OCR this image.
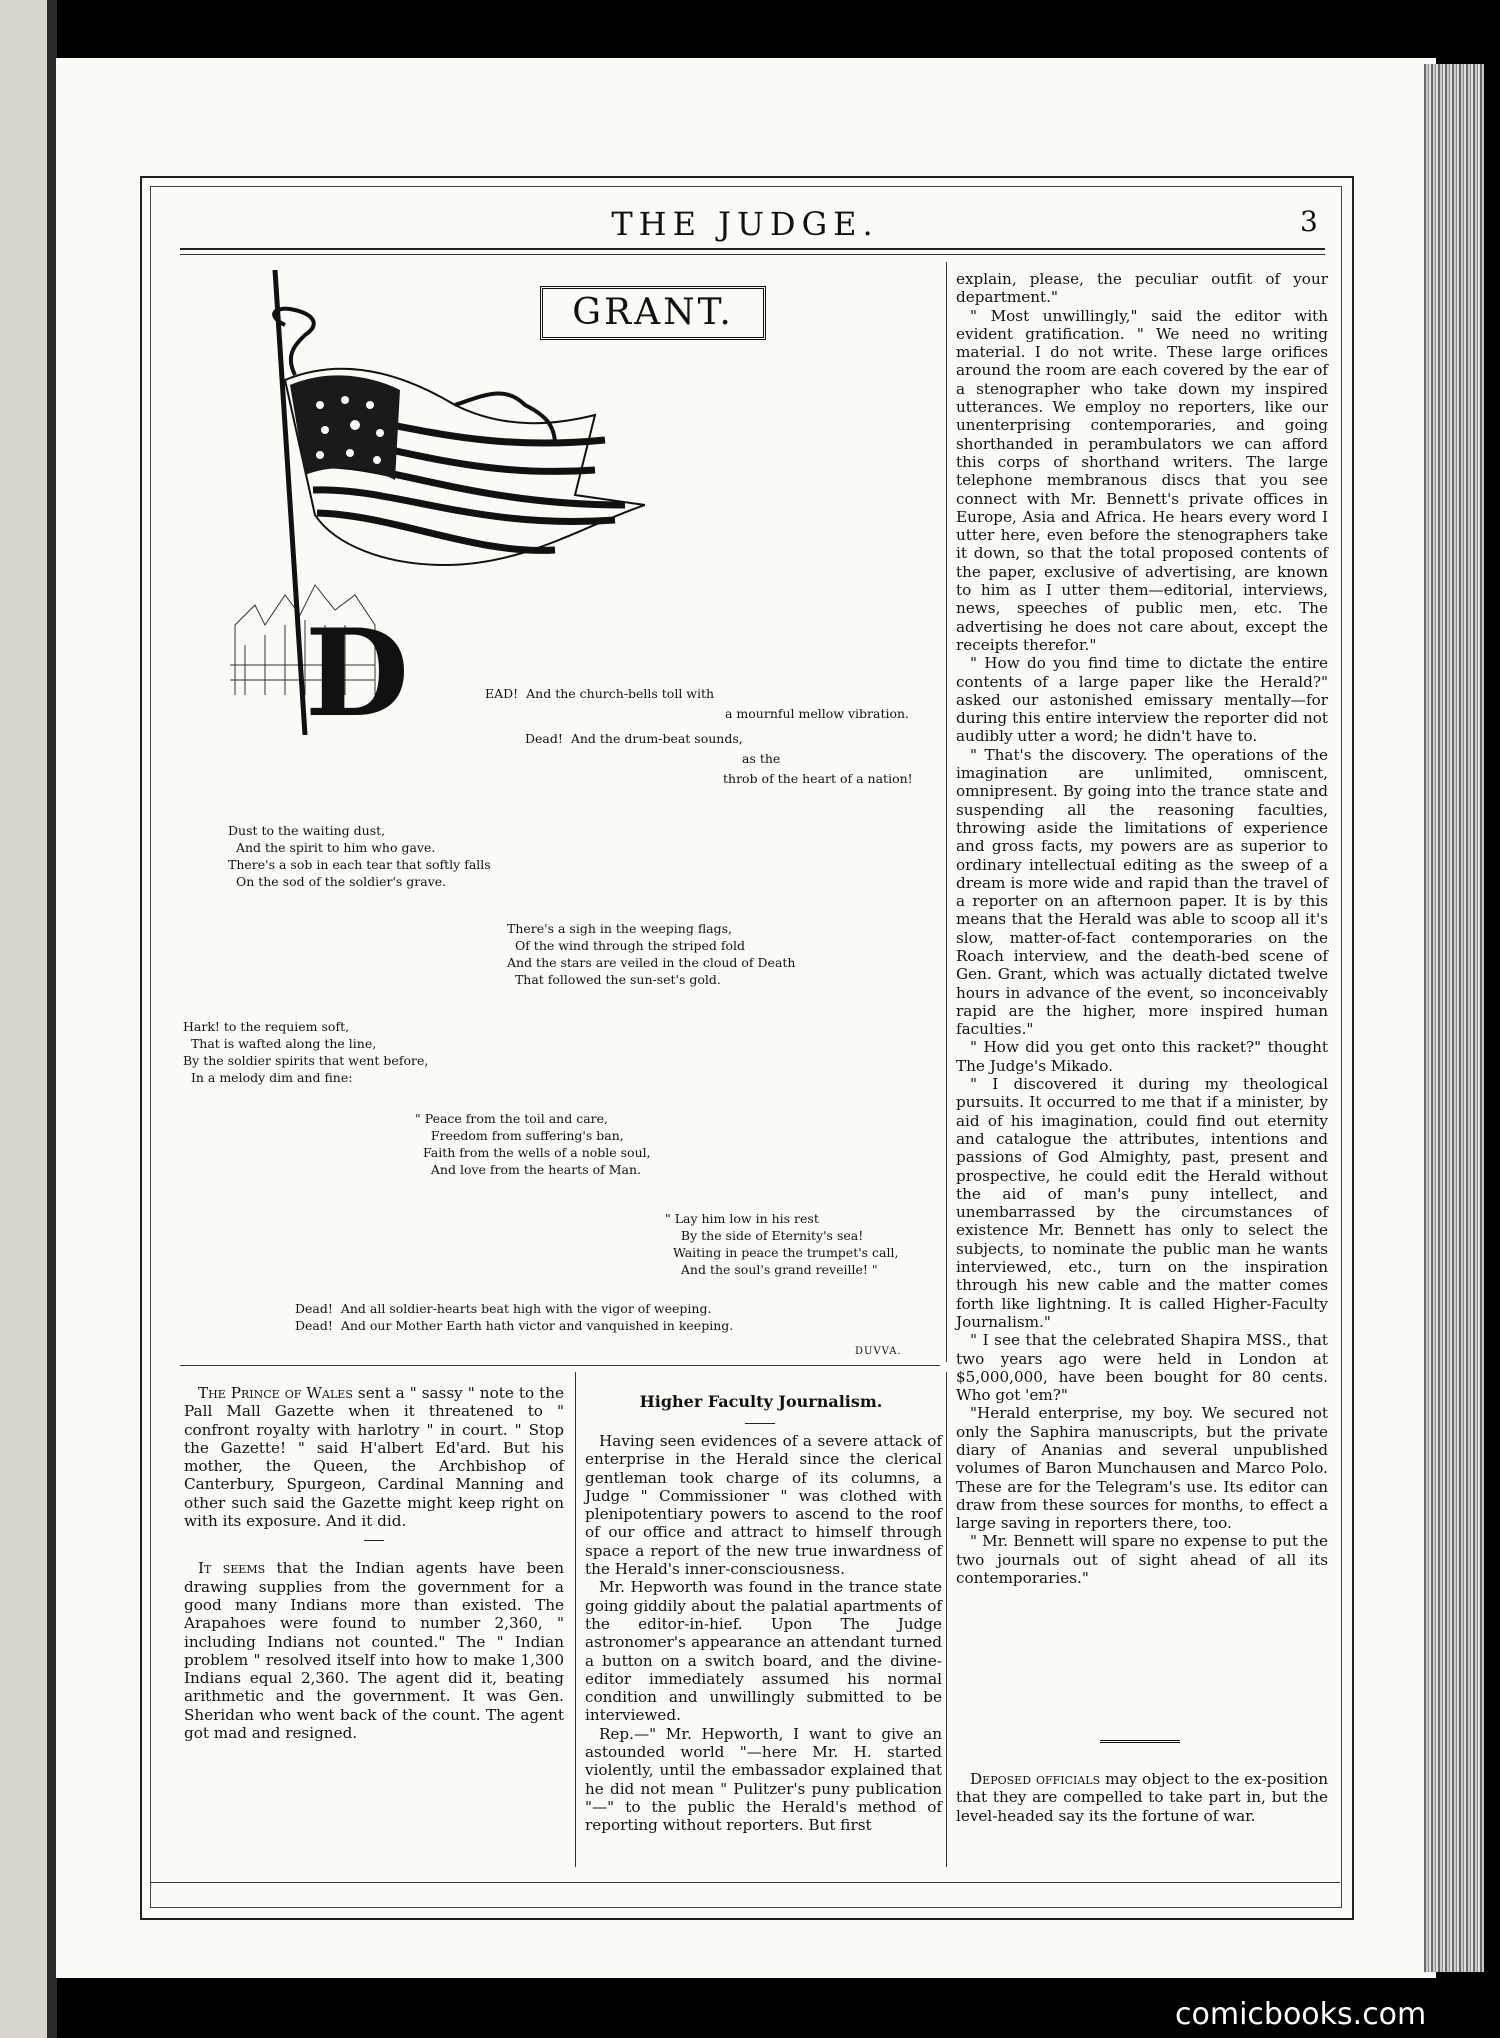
THE JUDGE.	3
D
GRANT.
EAD!  And the church-bells toll with
a mournful mellow vibration.
Dead!  And the drum-beat sounds,
as the
throb of the heart of a nation!
Dust to the waiting dust,
And the spirit to him who gave.
There's a sob in each tear that softly falls
On the sod of the soldier's grave.
There's a sigh in the weeping flags,
Of the wind through the striped fold
And the stars are veiled in the cloud of Death
That followed the sun-set's gold.
Hark! to the requiem soft,
That is wafted along the line,
By the soldier spirits that went before,
In a melody dim and fine:
" Peace from the toil and care,
Freedom from suffering's ban,
Faith from the wells of a noble soul,
And love from the hearts of Man.
" Lay him low in his rest
By the side of Eternity's sea!
Waiting in peace the trumpet's call,
And the soul's grand reveille! "
Dead!  And all soldier-hearts beat high with the vigor of weeping.
Dead!  And our Mother Earth hath victor and vanquished in keeping.
DUVVA.

explain, please, the peculiar outfit of your department."

" Most unwillingly," said the editor with evident gratification. " We need no writing material. I do not write. These large orifices around the room are each covered by the ear of a stenographer who take down my inspired utterances. We employ no reporters, like our unenterprising contemporaries, and going shorthanded in perambulators we can afford this corps of shorthand writers. The large telephone membranous discs that you see connect with Mr. Bennett's private offices in Europe, Asia and Africa. He hears every word I utter here, even before the stenographers take it down, so that the total proposed contents of the paper, exclusive of advertising, are known to him as I utter them—editorial, interviews, news, speeches of public men, etc. The advertising he does not care about, except the receipts therefor."

" How do you find time to dictate the entire contents of a large paper like the Herald?" asked our astonished emissary mentally—for during this entire interview the reporter did not audibly utter a word; he didn't have to.

" That's the discovery. The operations of the imagination are unlimited, omniscent, omnipresent. By going into the trance state and suspending all the reasoning faculties, throwing aside the limitations of experience and gross facts, my powers are as superior to ordinary intellectual editing as the sweep of a dream is more wide and rapid than the travel of a reporter on an afternoon paper. It is by this means that the Herald was able to scoop all it's slow, matter-of-fact contemporaries on the Roach interview, and the death-bed scene of Gen. Grant, which was actually dictated twelve hours in advance of the event, so inconceivably rapid are the higher, more inspired human faculties."

" How did you get onto this racket?" thought The Judge's Mikado.

" I discovered it during my theological pursuits. It occurred to me that if a minister, by aid of his imagination, could find out eternity and catalogue the attributes, intentions and passions of God Almighty, past, present and prospective, he could edit the Herald without the aid of man's puny intellect, and unembarrassed by the circumstances of existence Mr. Bennett has only to select the subjects, to nominate the public man he wants interviewed, etc., turn on the inspiration through his new cable and the matter comes forth like lightning. It is called Higher-Faculty Journalism."

" I see that the celebrated Shapira MSS., that two years ago were held in London at $5,000,000, have been bought for 80 cents. Who got 'em?"

"Herald enterprise, my boy. We secured not only the Saphira manuscripts, but the private diary of Ananias and several unpublished volumes of Baron Munchausen and Marco Polo. These are for the Telegram's use. Its editor can draw from these sources for months, to effect a large saving in reporters there, too.

" Mr. Bennett will spare no expense to put the two journals out of sight ahead of all its contemporaries."

Deposed officials may object to the ex-position that they are compelled to take part in, but the level-headed say its the fortune of war.

The Prince of Wales sent a " sassy " note to the Pall Mall Gazette when it threatened to " confront royalty with harlotry " in court. " Stop the Gazette! " said H'albert Ed'ard. But his mother, the Queen, the Archbishop of Canterbury, Spurgeon, Cardinal Manning and other such said the Gazette might keep right on with its exposure. And it did.

It seems that the Indian agents have been drawing supplies from the government for a good many Indians more than existed. The Arapahoes were found to number 2,360, " including Indians not counted." The " Indian problem " resolved itself into how to make 1,300 Indians equal 2,360. The agent did it, beating arithmetic and the government. It was Gen. Sheridan who went back of the count. The agent got mad and resigned.

Higher Faculty Journalism.

Having seen evidences of a severe attack of enterprise in the Herald since the clerical gentleman took charge of its columns, a Judge " Commissioner " was clothed with plenipotentiary powers to ascend to the roof of our office and attract to himself through space a report of the new true inwardness of the Herald's inner-consciousness.

Mr. Hepworth was found in the trance state going giddily about the palatial apartments of the editor-in-hief. Upon The Judge astronomer's appearance an attendant turned a button on a switch board, and the divine-editor immediately assumed his normal condition and unwillingly submitted to be interviewed.

Rep.—" Mr. Hepworth, I want to give an astounded world "—here Mr. H. started violently, until the embassador explained that he did not mean " Pulitzer's puny publication "—" to the public the Herald's method of reporting without reporters. But first

comicbooks.com
